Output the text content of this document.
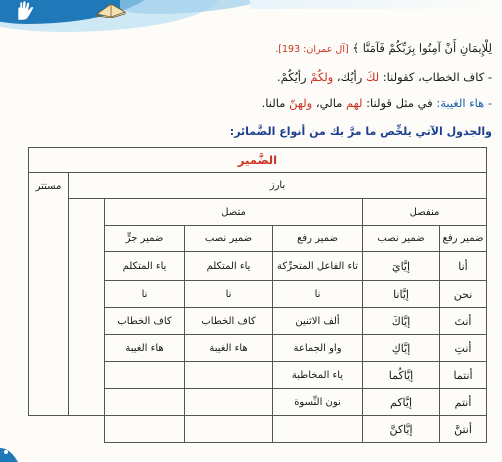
لِلْإِيمَانِ أَنْ آمِنُوا بِرَبِّكُمْ فَآمَنَّا ﴾ [آل عمران: 193].
- كاف الخطاب، كقولنا: لكَ رأيُك، ولكُمْ رأيُكُمْ.
- هاء الغيبة: في مثل قولنا: لهم مالي، ولهنّ مالنا.
والجدول الآتي يلخِّص ما مرَّ بك من أنواع الضَّمائر:
الضَّمير						
بارز						مستتر
منفصل		متصل				
ضمير رفع	ضمير نصب	ضمير رفع	ضمير نصب	ضمير جرٍّ		
أنا	إيَّايَ	تاء الفاعل المتحرِّكة	ياء المتكلم	ياء المتكلم		
نحن	إيَّانا	نا	نا	نا		
أنتَ	إيَّاكَ	ألف الاثنين	كاف الخطاب	كاف الخطاب		
أنتِ	إيَّاكِ	واو الجماعة	هاء الغيبة	هاء الغيبة		
أنتما	إيَّاكُما	ياء المخاطبة				
أنتم	إيَّاكم	نون النِّسوة				
أنتنَّ	إيَّاكنَّ					
